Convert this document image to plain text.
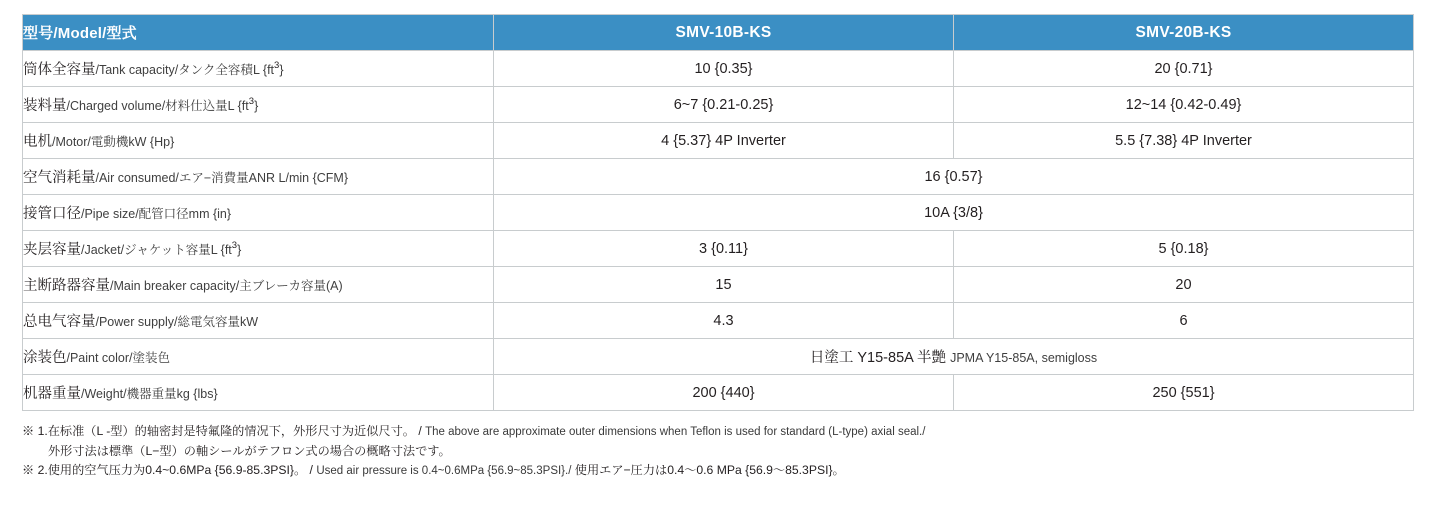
型号/Model/型式	SMV-10B-KS	SMV-20B-KS
筒体全容量/Tank capacity/タンク全容積L $\{ft^3\}$	10 {0.35}	20 {0.71}
装料量/Charged volume/材料仕込量L $\{ft^3\}$	6~7 {0.21-0.25}	12~14 {0.42-0.49}
电机/Motor/電動機kW {Hp}	4 {5.37} 4P Inverter	5.5 {7.38} 4P Inverter
空气消耗量/Air consumed/エア−消費量ANR L/min {CFM}	16 {0.57}	
接管口径/Pipe size/配管口径mm {in}	10A {3/8}	
夹层容量/Jacket/ジャケット容量L $\{ft^3\}$	3 {0.11}	5 {0.18}
主断路器容量/Main breaker capacity/主ブレーカ容量(A)	15	20
总电气容量/Power supply/総電気容量kW	4.3	6
涂装色/Paint color/塗装色	日塗工 Y15-85A 半艶 JPMA Y15-85A, semigloss	
机器重量/Weight/機器重量kg {lbs}	200 {440}	250 {551}

※ 1.在标准（L -型）的轴密封是特氟隆的情况下，外形尺寸为近似尺寸。 / The above are approximate outer dimensions when Teflon is used for standard (L-type) axial seal./

外形寸法は標準（L−型）の軸シールがテフロン式の場合の概略寸法です。

※ 2.使用的空气压力为0.4~0.6MPa {56.9-85.3PSI}。 / Used air pressure is 0.4~0.6MPa {56.9~85.3PSI}./ 使用エア−圧力は0.4〜0.6 MPa {56.9〜85.3PSI}。
